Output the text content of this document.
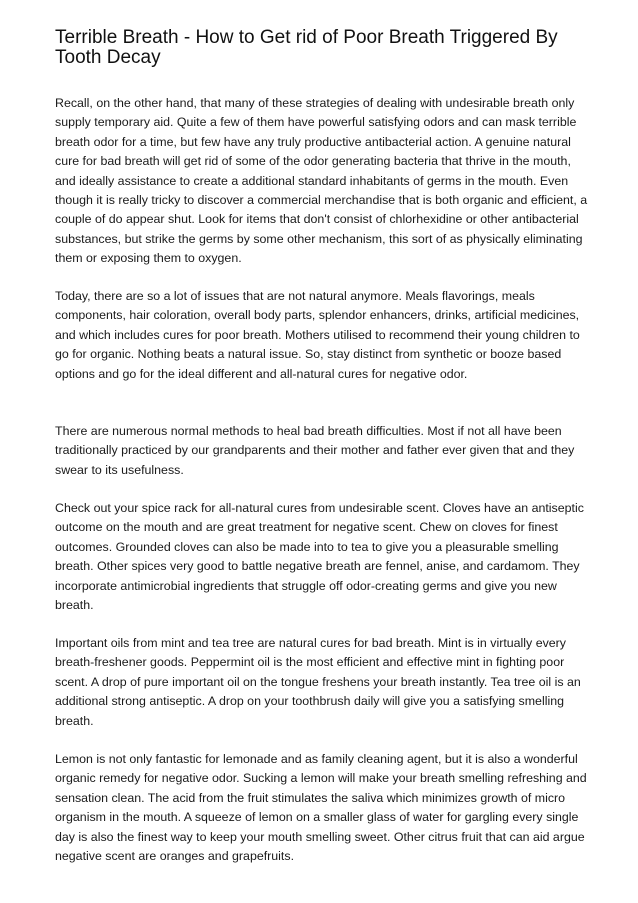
Terrible Breath - How to Get rid of Poor Breath Triggered By Tooth Decay

Recall, on the other hand, that many of these strategies of dealing with undesirable breath only supply temporary aid. Quite a few of them have powerful satisfying odors and can mask terrible breath odor for a time, but few have any truly productive antibacterial action. A genuine natural cure for bad breath will get rid of some of the odor generating bacteria that thrive in the mouth, and ideally assistance to create a additional standard inhabitants of germs in the mouth. Even though it is really tricky to discover a commercial merchandise that is both organic and efficient, a couple of do appear shut. Look for items that don't consist of chlorhexidine or other antibacterial substances, but strike the germs by some other mechanism, this sort of as physically eliminating them or exposing them to oxygen.

Today, there are so a lot of issues that are not natural anymore. Meals flavorings, meals components, hair coloration, overall body parts, splendor enhancers, drinks, artificial medicines, and which includes cures for poor breath. Mothers utilised to recommend their young children to go for organic. Nothing beats a natural issue. So, stay distinct from synthetic or booze based options and go for the ideal different and all-natural cures for negative odor.

There are numerous normal methods to heal bad breath difficulties. Most if not all have been traditionally practiced by our grandparents and their mother and father ever given that and they swear to its usefulness.

Check out your spice rack for all-natural cures from undesirable scent. Cloves have an antiseptic outcome on the mouth and are great treatment for negative scent. Chew on cloves for finest outcomes. Grounded cloves can also be made into to tea to give you a pleasurable smelling breath. Other spices very good to battle negative breath are fennel, anise, and cardamom. They incorporate antimicrobial ingredients that struggle off odor-creating germs and give you new breath.

Important oils from mint and tea tree are natural cures for bad breath. Mint is in virtually every breath-freshener goods. Peppermint oil is the most efficient and effective mint in fighting poor scent. A drop of pure important oil on the tongue freshens your breath instantly. Tea tree oil is an additional strong antiseptic. A drop on your toothbrush daily will give you a satisfying smelling breath.

Lemon is not only fantastic for lemonade and as family cleaning agent, but it is also a wonderful organic remedy for negative odor. Sucking a lemon will make your breath smelling refreshing and sensation clean. The acid from the fruit stimulates the saliva which minimizes growth of micro organism in the mouth. A squeeze of lemon on a smaller glass of water for gargling every single day is also the finest way to keep your mouth smelling sweet. Other citrus fruit that can aid argue negative scent are oranges and grapefruits.
